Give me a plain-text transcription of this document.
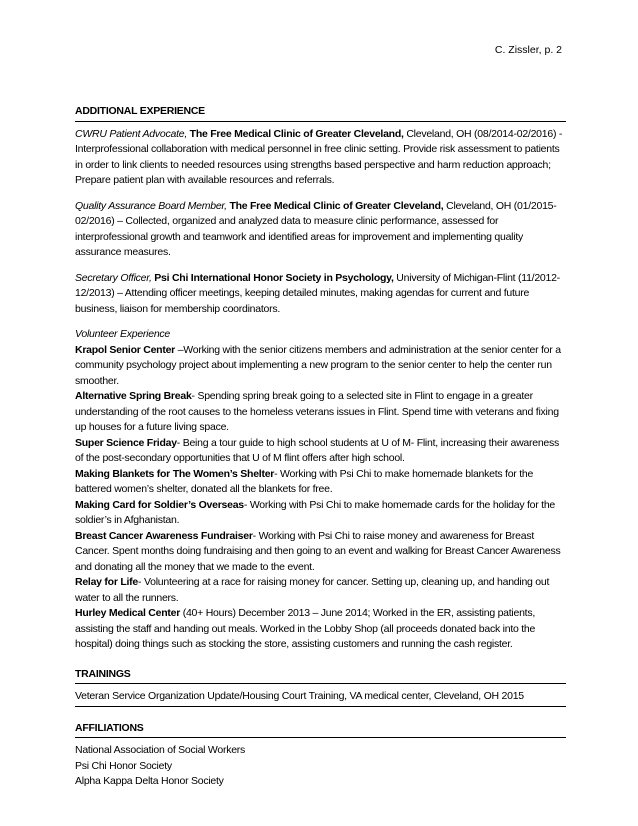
C. Zissler, p. 2
ADDITIONAL EXPERIENCE

CWRU Patient Advocate, The Free Medical Clinic of Greater Cleveland, Cleveland, OH (08/2014-02/2016) -Interprofessional collaboration with medical personnel in free clinic setting. Provide risk assessment to patients in order to link clients to needed resources using strengths based perspective and harm reduction approach; Prepare patient plan with available resources and referrals.

Quality Assurance Board Member, The Free Medical Clinic of Greater Cleveland, Cleveland, OH (01/2015-02/2016) – Collected, organized and analyzed data to measure clinic performance, assessed for interprofessional growth and teamwork and identified areas for improvement and implementing quality assurance measures.

Secretary Officer, Psi Chi International Honor Society in Psychology, University of Michigan-Flint (11/2012-12/2013) – Attending officer meetings, keeping detailed minutes, making agendas for current and future business, liaison for membership coordinators.

Volunteer Experience

Krapol Senior Center –Working with the senior citizens members and administration at the senior center for a community psychology project about implementing a new program to the senior center to help the center run smoother.

Alternative Spring Break- Spending spring break going to a selected site in Flint to engage in a greater understanding of the root causes to the homeless veterans issues in Flint. Spend time with veterans and fixing up houses for a future living space.

Super Science Friday- Being a tour guide to high school students at U of M- Flint, increasing their awareness of the post-secondary opportunities that U of M flint offers after high school.

Making Blankets for The Women’s Shelter- Working with Psi Chi to make homemade blankets for the battered women’s shelter, donated all the blankets for free.

Making Card for Soldier’s Overseas- Working with Psi Chi to make homemade cards for the holiday for the soldier’s in Afghanistan.

Breast Cancer Awareness Fundraiser- Working with Psi Chi to raise money and awareness for Breast Cancer. Spent months doing fundraising and then going to an event and walking for Breast Cancer Awareness and donating all the money that we made to the event.

Relay for Life- Volunteering at a race for raising money for cancer. Setting up, cleaning up, and handing out water to all the runners.

Hurley Medical Center (40+ Hours) December 2013 – June 2014; Worked in the ER, assisting patients, assisting the staff and handing out meals. Worked in the Lobby Shop (all proceeds donated back into the hospital) doing things such as stocking the store, assisting customers and running the cash register.

TRAININGS

Veteran Service Organization Update/Housing Court Training, VA medical center, Cleveland, OH 2015

AFFILIATIONS

National Association of Social Workers

Psi Chi Honor Society

Alpha Kappa Delta Honor Society
